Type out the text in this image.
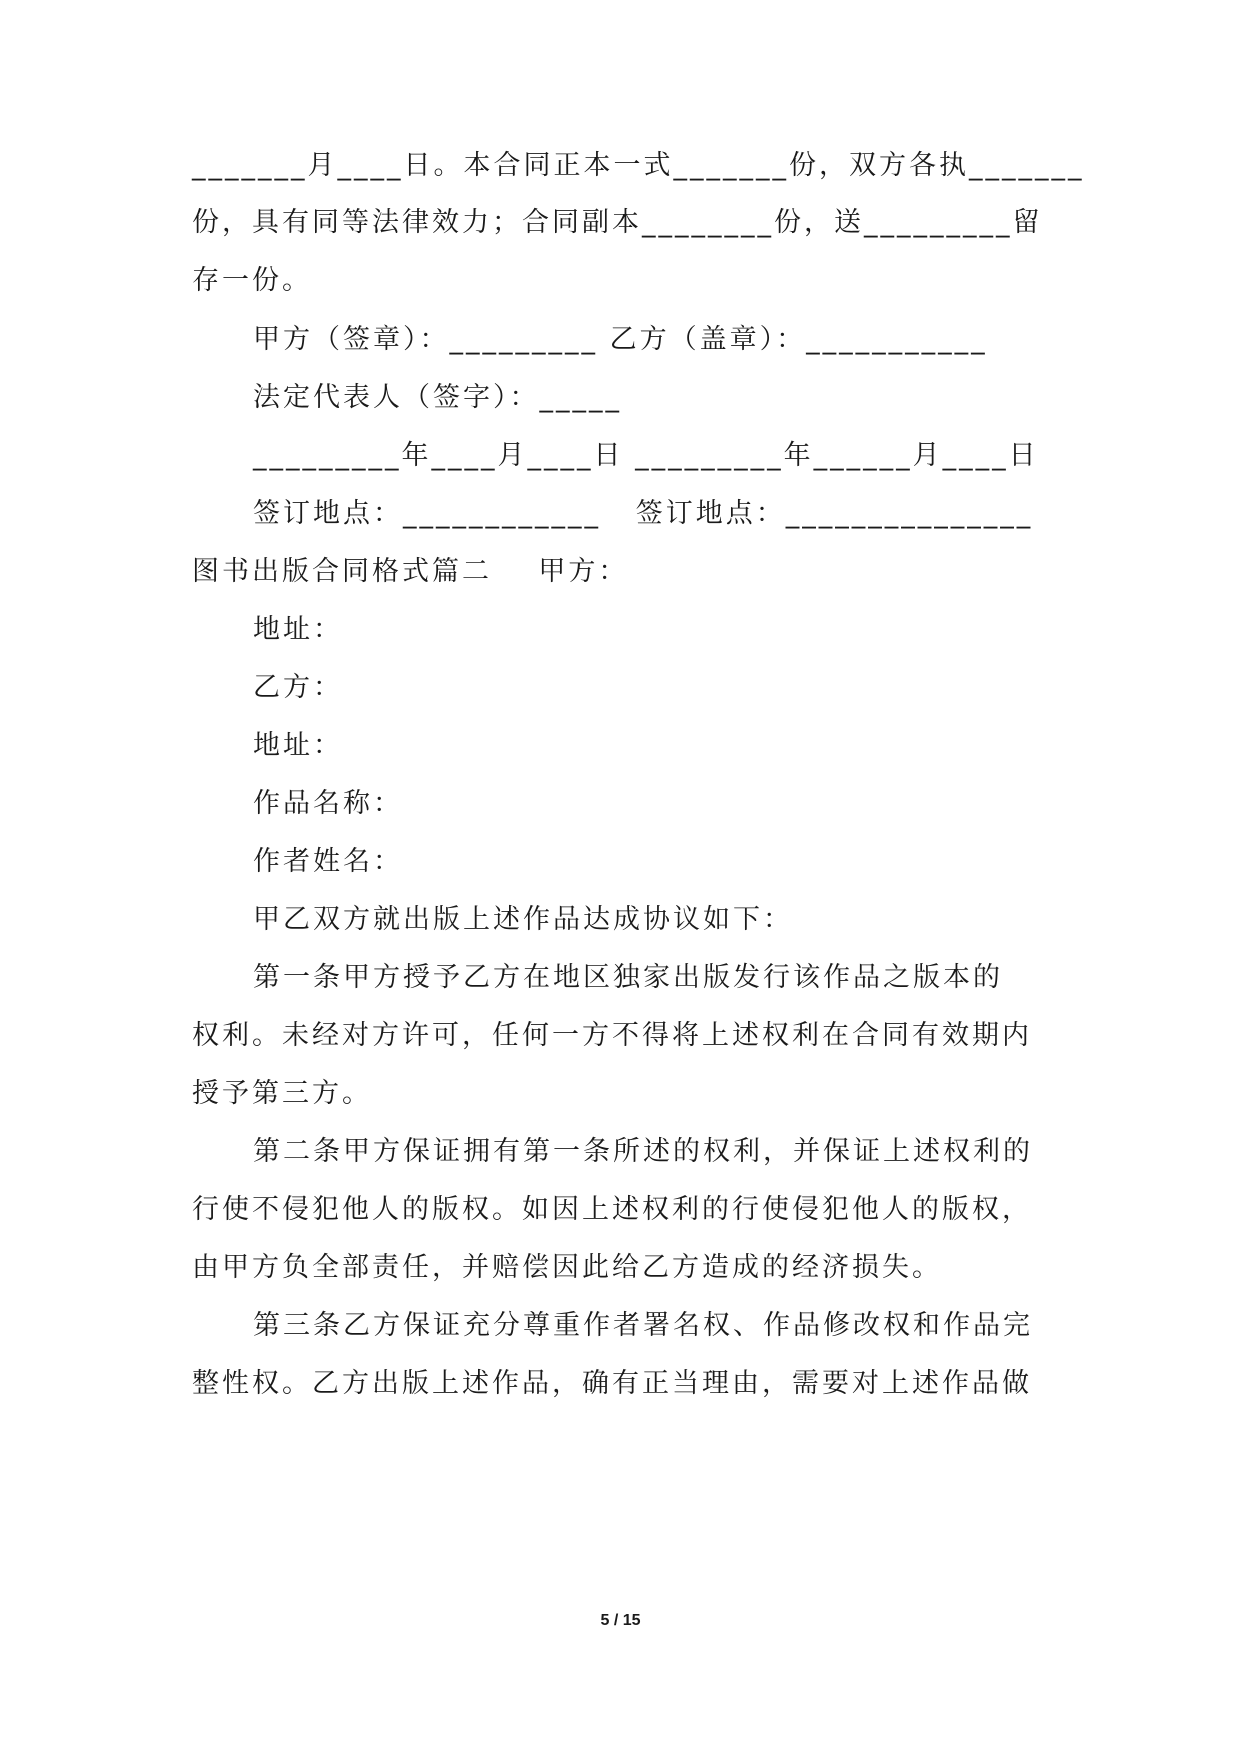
_______月____日。本合同正本一式_______份，双方各执_______
份，具有同等法律效力；合同副本________份，送_________留
存一份。
甲方（签章）：_________ 乙方（盖章）：___________
法定代表人（签字）：_____
_________年____月____日 _________年______月____日
签订地点：____________   签订地点：_______________
图书出版合同格式篇二    甲方：
地址：
乙方：
地址：
作品名称：
作者姓名：
甲乙双方就出版上述作品达成协议如下：
第一条甲方授予乙方在地区独家出版发行该作品之版本的
权利。未经对方许可，任何一方不得将上述权利在合同有效期内
授予第三方。
第二条甲方保证拥有第一条所述的权利，并保证上述权利的
行使不侵犯他人的版权。如因上述权利的行使侵犯他人的版权，
由甲方负全部责任，并赔偿因此给乙方造成的经济损失。
第三条乙方保证充分尊重作者署名权、作品修改权和作品完
整性权。乙方出版上述作品，确有正当理由，需要对上述作品做
5 / 15
